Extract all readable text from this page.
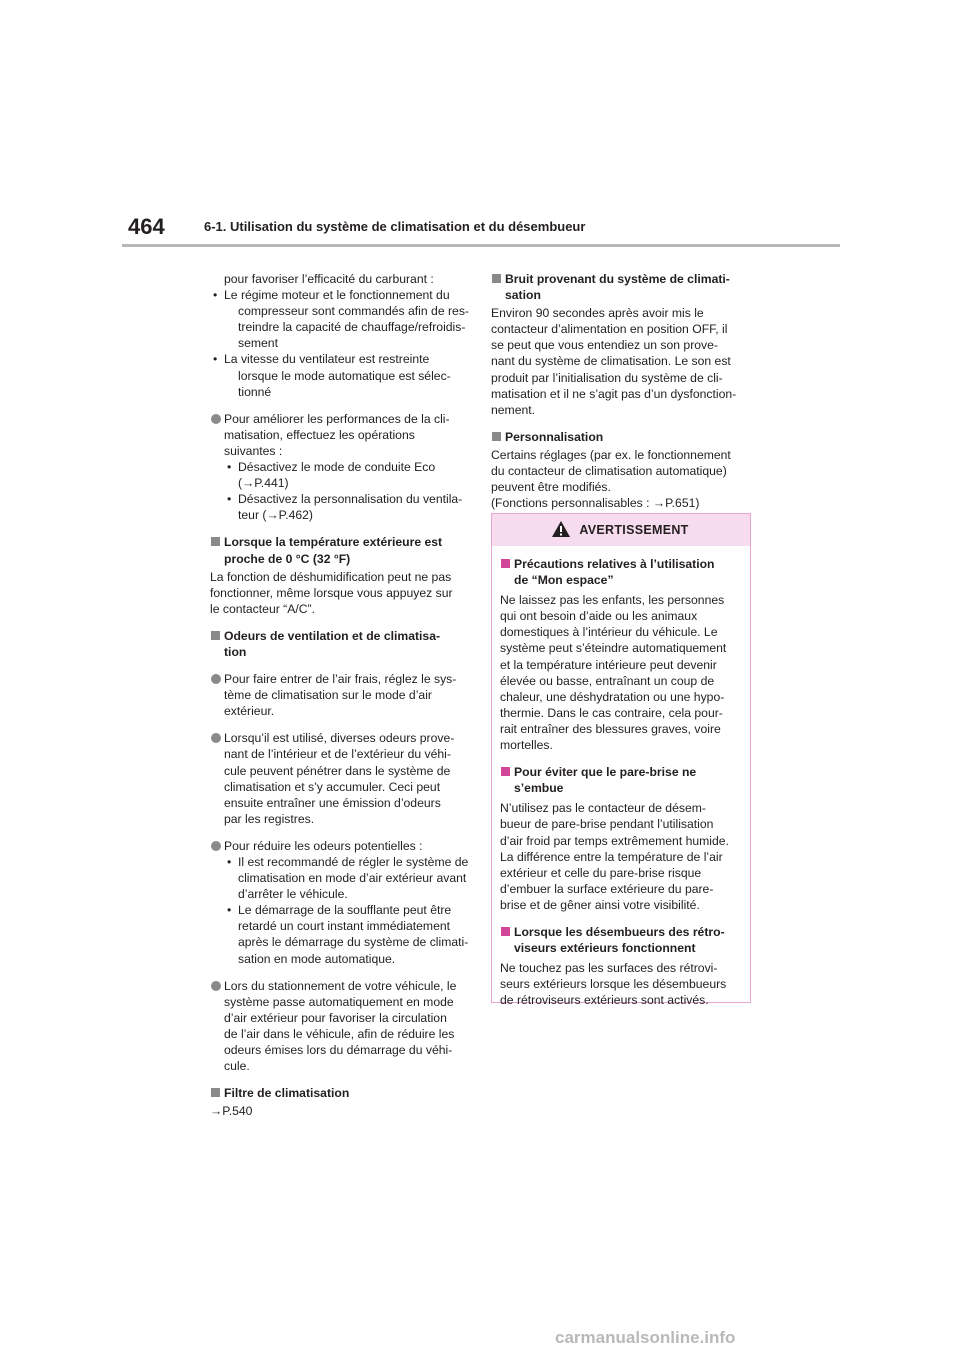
464	6-1. Utilisation du système de climatisation et du désembueur

pour favoriser l’efficacité du carburant :

• Le régime moteur et le fonctionnement du

compresseur sont commandés afin de res-

treindre la capacité de chauffage/refroidis-

sement

• La vitesse du ventilateur est restreinte

lorsque le mode automatique est sélec-

tionné

Pour améliorer les performances de la cli-

matisation, effectuez les opérations

suivantes :

• Désactivez le mode de conduite Eco

(→P.441)

• Désactivez la personnalisation du ventila-

teur (→P.462)

Lorsque la température extérieure est

proche de 0 °C (32 °F)

La fonction de déshumidification peut ne pas

fonctionner, même lorsque vous appuyez sur

le contacteur “A/C”.

Odeurs de ventilation et de climatisa-

tion

Pour faire entrer de l’air frais, réglez le sys-

tème de climatisation sur le mode d’air

extérieur.

Lorsqu’il est utilisé, diverses odeurs prove-

nant de l’intérieur et de l’extérieur du véhi-

cule peuvent pénétrer dans le système de

climatisation et s’y accumuler. Ceci peut

ensuite entraîner une émission d’odeurs

par les registres.

Pour réduire les odeurs potentielles :

• Il est recommandé de régler le système de

climatisation en mode d’air extérieur avant

d’arrêter le véhicule.

• Le démarrage de la soufflante peut être

retardé un court instant immédiatement

après le démarrage du système de climati-

sation en mode automatique.

Lors du stationnement de votre véhicule, le

système passe automatiquement en mode

d’air extérieur pour favoriser la circulation

de l’air dans le véhicule, afin de réduire les

odeurs émises lors du démarrage du véhi-

cule.

Filtre de climatisation

→P.540

Bruit provenant du système de climati-

sation

Environ 90 secondes après avoir mis le

contacteur d’alimentation en position OFF, il

se peut que vous entendiez un son prove-

nant du système de climatisation. Le son est

produit par l’initialisation du système de cli-

matisation et il ne s’agit pas d’un dysfonction-

nement.

Personnalisation

Certains réglages (par ex. le fonctionnement

du contacteur de climatisation automatique)

peuvent être modifiés.

(Fonctions personnalisables : →P.651)

AVERTISSEMENT

Précautions relatives à l’utilisation

de “Mon espace”

Ne laissez pas les enfants, les personnes

qui ont besoin d’aide ou les animaux

domestiques à l’intérieur du véhicule. Le

système peut s’éteindre automatiquement

et la température intérieure peut devenir

élevée ou basse, entraînant un coup de

chaleur, une déshydratation ou une hypo-

thermie. Dans le cas contraire, cela pour-

rait entraîner des blessures graves, voire

mortelles.

Pour éviter que le pare-brise ne

s’embue

N’utilisez pas le contacteur de désem-

bueur de pare-brise pendant l’utilisation

d’air froid par temps extrêmement humide.

La différence entre la température de l’air

extérieur et celle du pare-brise risque

d’embuer la surface extérieure du pare-

brise et de gêner ainsi votre visibilité.

Lorsque les désembueurs des rétro-

viseurs extérieurs fonctionnent

Ne touchez pas les surfaces des rétrovi-

seurs extérieurs lorsque les désembueurs

de rétroviseurs extérieurs sont activés.

carmanualsonline.info
